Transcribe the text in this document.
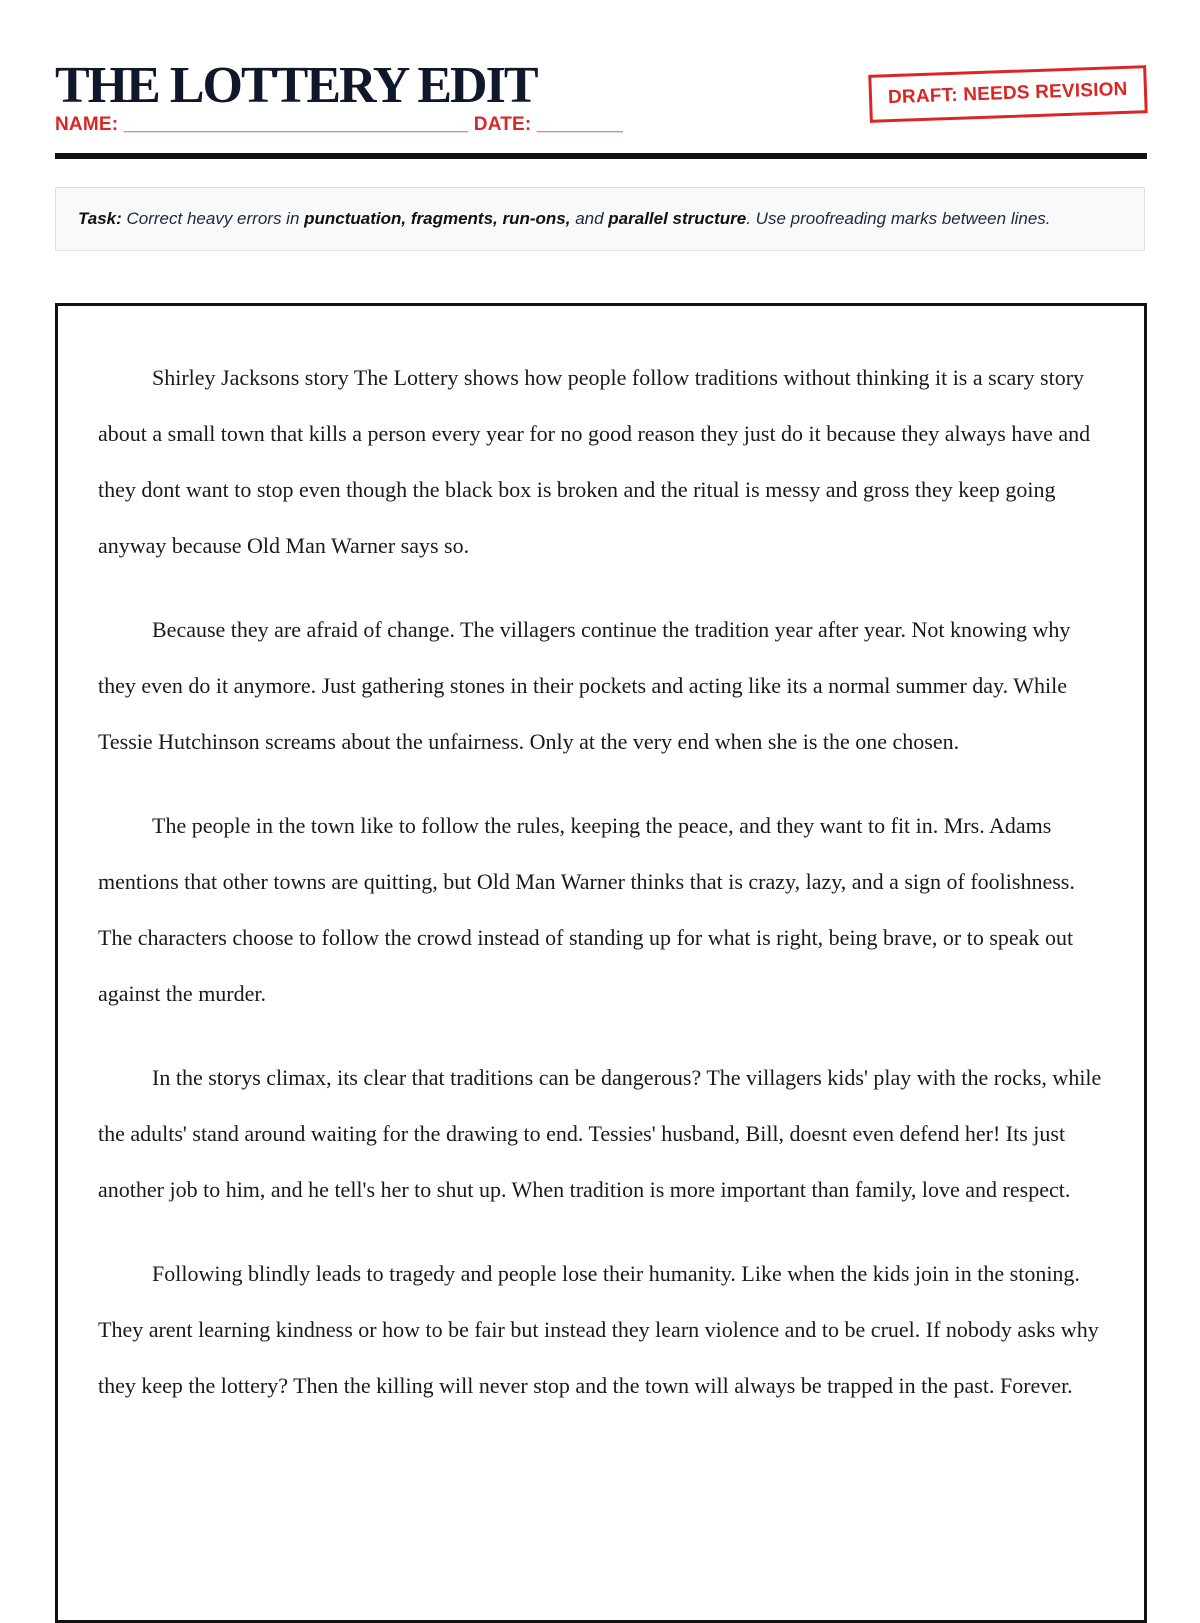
THE LOTTERY EDIT
NAME: ________________________________ DATE: ________
DRAFT: NEEDS REVISION
Task: Correct heavy errors in punctuation, fragments, run-ons, and parallel structure. Use proofreading marks between lines.

Shirley Jacksons story The Lottery shows how people follow traditions without thinking it is a scary story about a small town that kills a person every year for no good reason they just do it because they always have and they dont want to stop even though the black box is broken and the ritual is messy and gross they keep going anyway because Old Man Warner says so.

Because they are afraid of change. The villagers continue the tradition year after year. Not knowing why they even do it anymore. Just gathering stones in their pockets and acting like its a normal summer day. While Tessie Hutchinson screams about the unfairness. Only at the very end when she is the one chosen.

The people in the town like to follow the rules, keeping the peace, and they want to fit in. Mrs. Adams mentions that other towns are quitting, but Old Man Warner thinks that is crazy, lazy, and a sign of foolishness. The characters choose to follow the crowd instead of standing up for what is right, being brave, or to speak out against the murder.

In the storys climax, its clear that traditions can be dangerous? The villagers kids' play with the rocks, while the adults' stand around waiting for the drawing to end. Tessies' husband, Bill, doesnt even defend her! Its just another job to him, and he tell's her to shut up. When tradition is more important than family, love and respect.

Following blindly leads to tragedy and people lose their humanity. Like when the kids join in the stoning. They arent learning kindness or how to be fair but instead they learn violence and to be cruel. If nobody asks why they keep the lottery? Then the killing will never stop and the town will always be trapped in the past. Forever.
